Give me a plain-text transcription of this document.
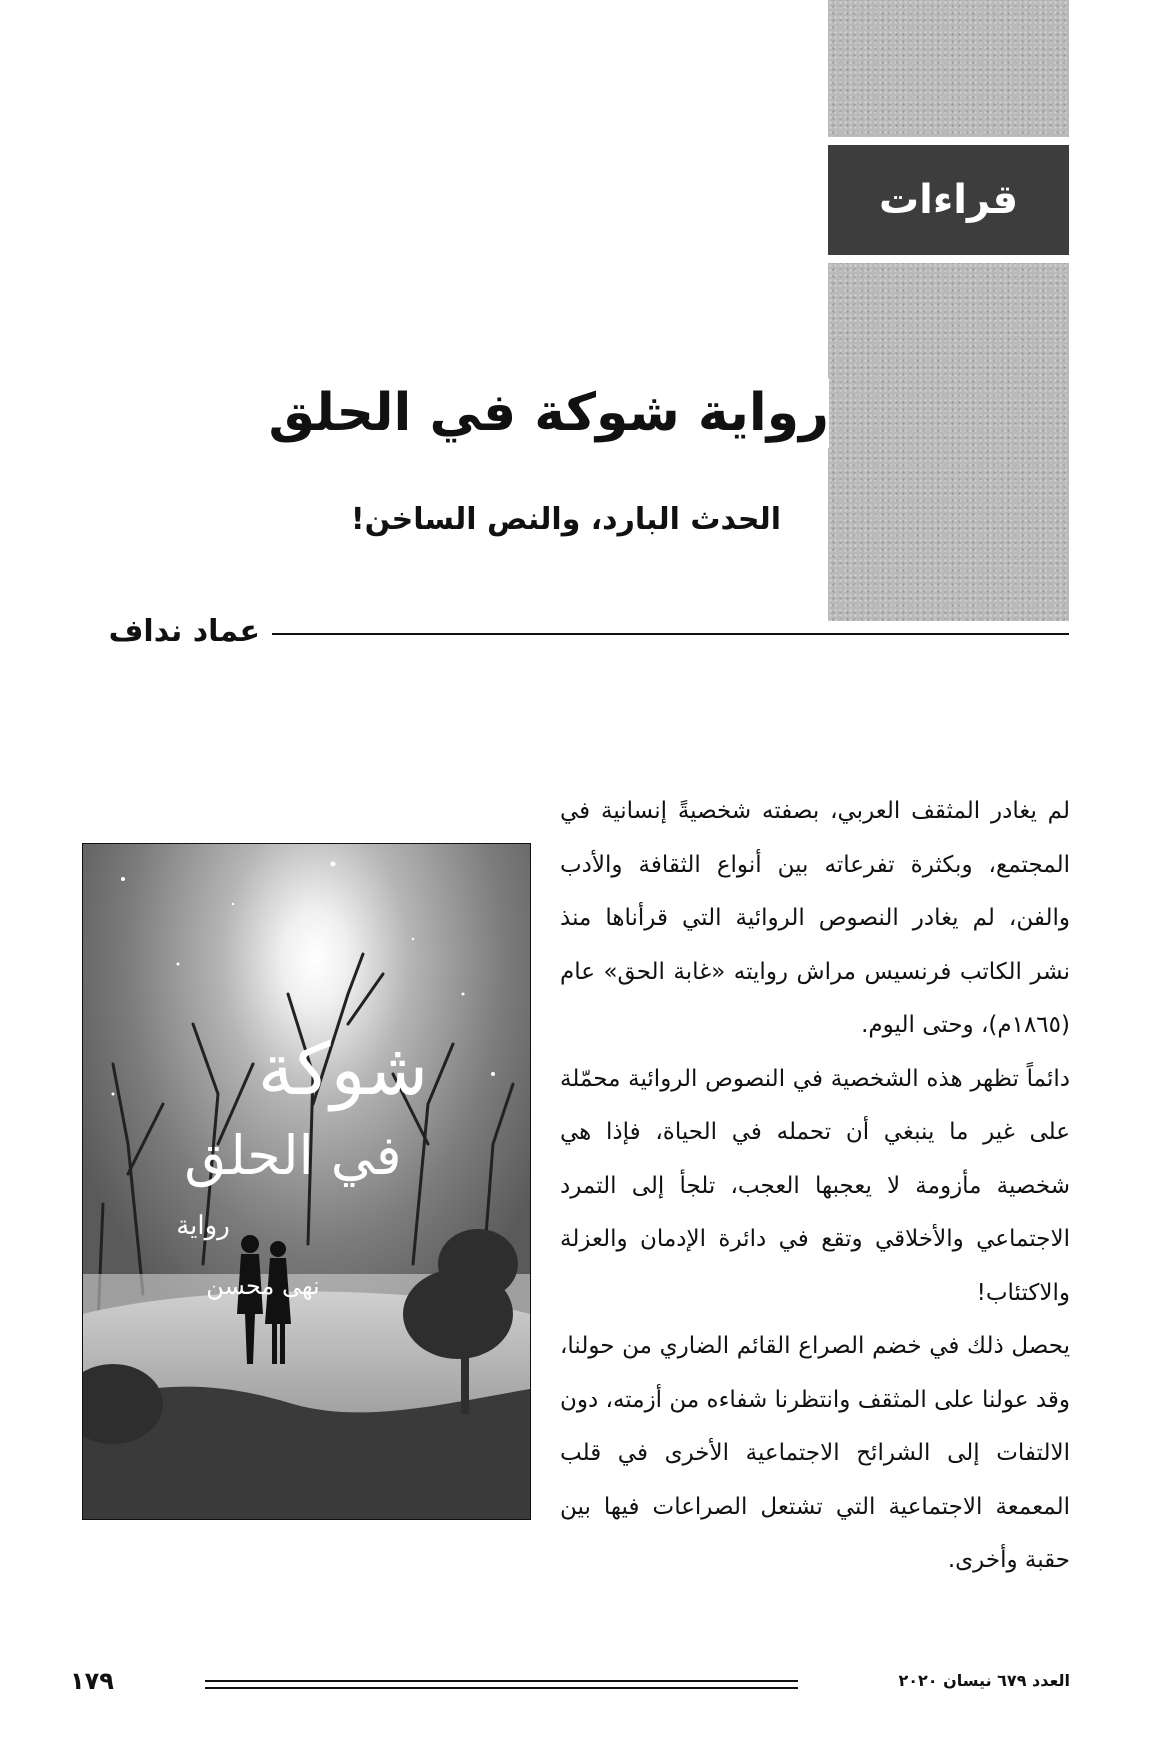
قراءات
رواية شوكة في الحلق
الحدث البارد، والنص الساخن!
عماد نداف
شوكة
في الحلق
رواية
نهى محسن

لم يغادر المثقف العربي، بصفته شخصيةً إنسانية في المجتمع، وبكثرة تفرعاته بين أنواع الثقافة والأدب والفن، لم يغادر النصوص الروائية التي قرأناها منذ نشر الكاتب فرنسيس مراش روايته «غابة الحق» عام (١٨٦٥م)، وحتى اليوم.

دائماً تظهر هذه الشخصية في النصوص الروائية محمّلة على غير ما ينبغي أن تحمله في الحياة، فإذا هي شخصية مأزومة لا يعجبها العجب، تلجأ إلى التمرد الاجتماعي والأخلاقي وتقع في دائرة الإدمان والعزلة والاكتئاب!

يحصل ذلك في خضم الصراع القائم الضاري من حولنا، وقد عولنا على المثقف وانتظرنا شفاءه من أزمته، دون الالتفات إلى الشرائح الاجتماعية الأخرى في قلب المعمعة الاجتماعية التي تشتعل الصراعات فيها بين حقبة وأخرى.

١٧٩	العدد ٦٧٩ نيسان ٢٠٢٠
